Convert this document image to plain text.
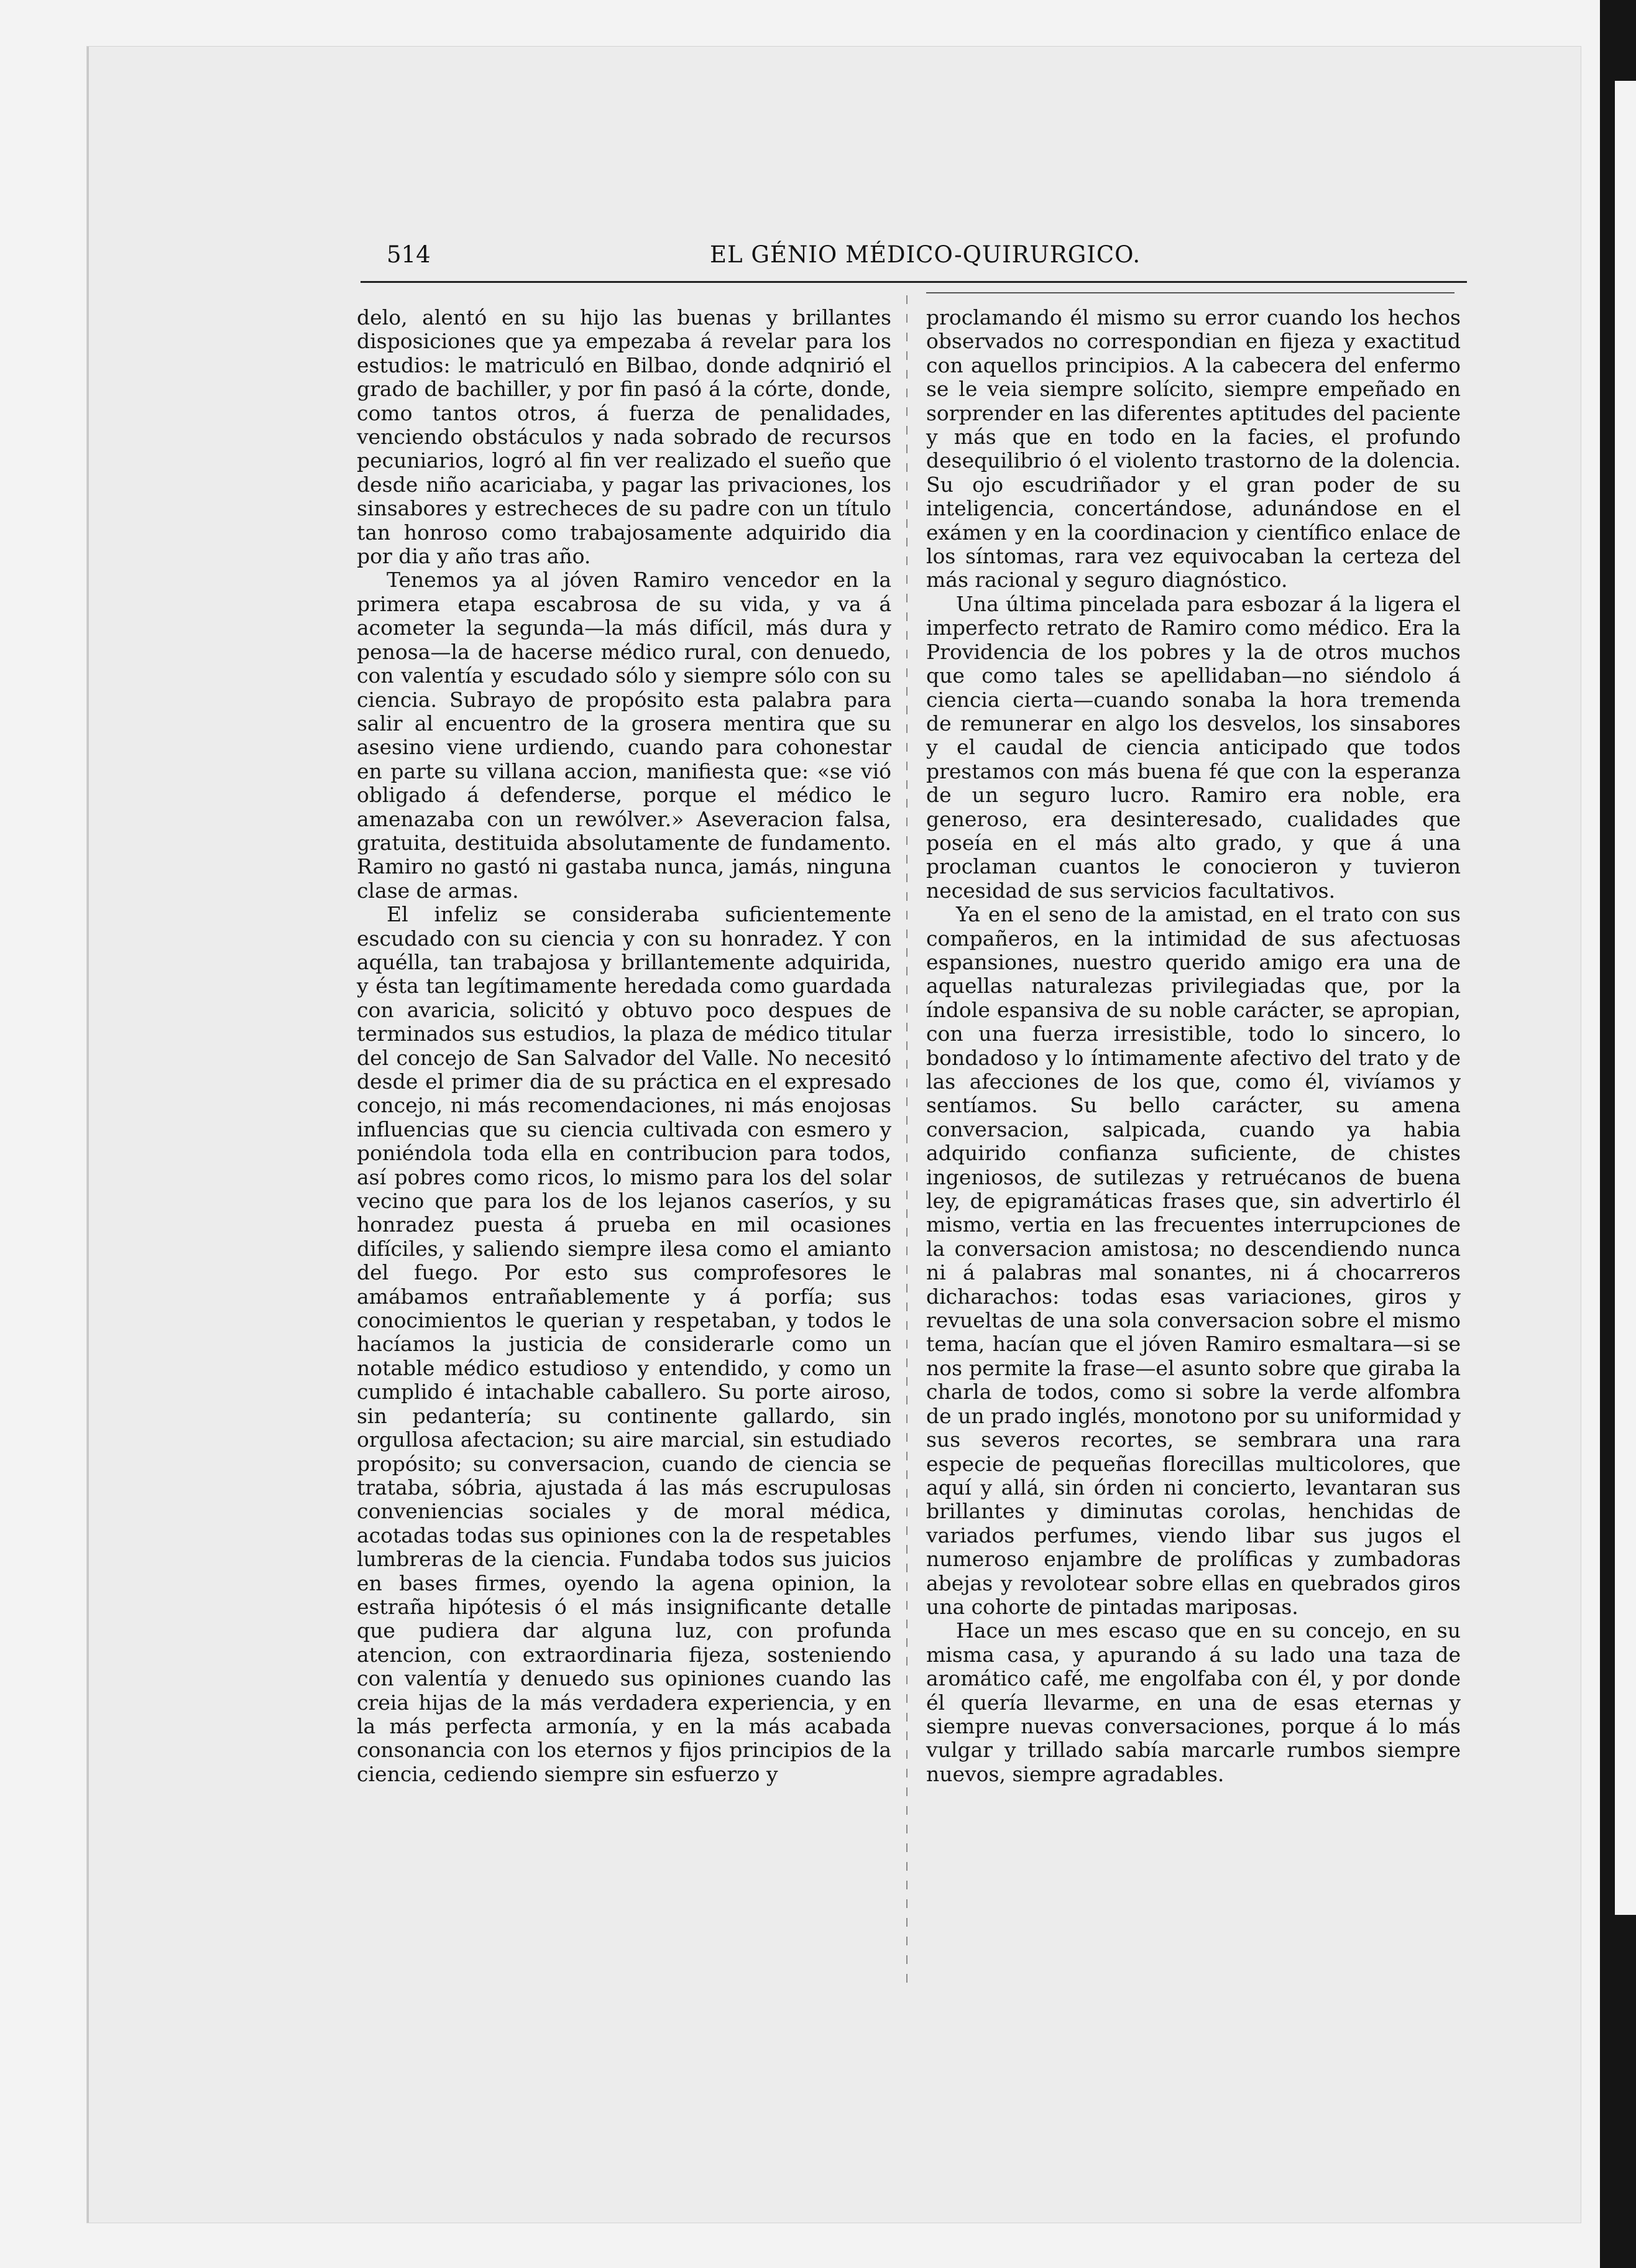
514	EL GÉNIO MÉDICO-QUIRURGICO.

delo, alentó en su hijo las buenas y brillantes disposiciones que ya empezaba á revelar para los estudios: le matriculó en Bilbao, donde adqnirió el grado de bachiller, y por fin pasó á la córte, donde, como tantos otros, á fuerza de penalidades, venciendo obstáculos y nada sobrado de recursos pecuniarios, logró al fin ver realizado el sueño que desde niño acariciaba, y pagar las privaciones, los sinsabores y estrecheces de su padre con un título tan honroso como trabajosamente adquirido dia por dia y año tras año.

Tenemos ya al jóven Ramiro vencedor en la primera etapa escabrosa de su vida, y va á acometer la segunda—la más difícil, más dura y penosa—la de hacerse médico rural, con denuedo, con valentía y escudado sólo y siempre sólo con su ciencia. Subrayo de propósito esta palabra para salir al encuentro de la grosera mentira que su asesino viene urdiendo, cuando para cohonestar en parte su villana accion, manifiesta que: «se vió obligado á defenderse, porque el médico le amenazaba con un rewólver.» Aseveracion falsa, gratuita, destituida absolutamente de fundamento. Ramiro no gastó ni gastaba nunca, jamás, ninguna clase de armas.

El infeliz se consideraba suficientemente escudado con su ciencia y con su honradez. Y con aquélla, tan trabajosa y brillantemente adquirida, y ésta tan legítimamente heredada como guardada con avaricia, solicitó y obtuvo poco despues de terminados sus estudios, la plaza de médico titular del concejo de San Salvador del Valle. No necesitó desde el primer dia de su práctica en el expresado concejo, ni más recomendaciones, ni más enojosas influencias que su ciencia cultivada con esmero y poniéndola toda ella en contribucion para todos, así pobres como ricos, lo mismo para los del solar vecino que para los de los lejanos caseríos, y su honradez puesta á prueba en mil ocasiones difíciles, y saliendo siempre ilesa como el amianto del fuego. Por esto sus comprofesores le amábamos entrañablemente y á porfía; sus conocimientos le querian y respetaban, y todos le hacíamos la justicia de considerarle como un notable médico estudioso y entendido, y como un cumplido é intachable caballero. Su porte airoso, sin pedantería; su continente gallardo, sin orgullosa afectacion; su aire marcial, sin estudiado propósito; su conversacion, cuando de ciencia se trataba, sóbria, ajustada á las más escrupulosas conveniencias sociales y de moral médica, acotadas todas sus opiniones con la de respetables lumbreras de la ciencia. Fundaba todos sus juicios en bases firmes, oyendo la agena opinion, la estraña hipótesis ó el más insignificante detalle que pudiera dar alguna luz, con profunda atencion, con extraordinaria fijeza, sosteniendo con valentía y denuedo sus opiniones cuando las creia hijas de la más verdadera experiencia, y en la más perfecta armonía, y en la más acabada consonancia con los eternos y fijos principios de la ciencia, cediendo siempre sin esfuerzo y

proclamando él mismo su error cuando los hechos observados no correspondian en fijeza y exactitud con aquellos principios. A la cabecera del enfermo se le veia siempre solícito, siempre empeñado en sorprender en las diferentes aptitudes del paciente y más que en todo en la facies, el profundo desequilibrio ó el violento trastorno de la dolencia. Su ojo escudriñador y el gran poder de su inteligencia, concertándose, adunándose en el exámen y en la coordinacion y científico enlace de los síntomas, rara vez equivocaban la certeza del más racional y seguro diagnóstico.

Una última pincelada para esbozar á la ligera el imperfecto retrato de Ramiro como médico. Era la Providencia de los pobres y la de otros muchos que como tales se apellidaban—no siéndolo á ciencia cierta—cuando sonaba la hora tremenda de remunerar en algo los desvelos, los sinsabores y el caudal de ciencia anticipado que todos prestamos con más buena fé que con la esperanza de un seguro lucro. Ramiro era noble, era generoso, era desinteresado, cualidades que poseía en el más alto grado, y que á una proclaman cuantos le conocieron y tuvieron necesidad de sus servicios facultativos.

Ya en el seno de la amistad, en el trato con sus compañeros, en la intimidad de sus afectuosas espansiones, nuestro querido amigo era una de aquellas naturalezas privilegiadas que, por la índole espansiva de su noble carácter, se apropian, con una fuerza irresistible, todo lo sincero, lo bondadoso y lo íntimamente afectivo del trato y de las afecciones de los que, como él, vivíamos y sentíamos. Su bello carácter, su amena conversacion, salpicada, cuando ya habia adquirido confianza suficiente, de chistes ingeniosos, de sutilezas y retruécanos de buena ley, de epigramáticas frases que, sin advertirlo él mismo, vertia en las frecuentes interrupciones de la conversacion amistosa; no descendiendo nunca ni á palabras mal sonantes, ni á chocarreros dicharachos: todas esas variaciones, giros y revueltas de una sola conversacion sobre el mismo tema, hacían que el jóven Ramiro esmaltara—si se nos permite la frase—el asunto sobre que giraba la charla de todos, como si sobre la verde alfombra de un prado inglés, monotono por su uniformidad y sus severos recortes, se sembrara una rara especie de pequeñas florecillas multicolores, que aquí y allá, sin órden ni concierto, levantaran sus brillantes y diminutas corolas, henchidas de variados perfumes, viendo libar sus jugos el numeroso enjambre de prolíficas y zumbadoras abejas y revolotear sobre ellas en quebrados giros una cohorte de pintadas mariposas.

Hace un mes escaso que en su concejo, en su misma casa, y apurando á su lado una taza de aromático café, me engolfaba con él, y por donde él quería llevarme, en una de esas eternas y siempre nuevas conversaciones, porque á lo más vulgar y trillado sabía marcarle rumbos siempre nuevos, siempre agradables.
